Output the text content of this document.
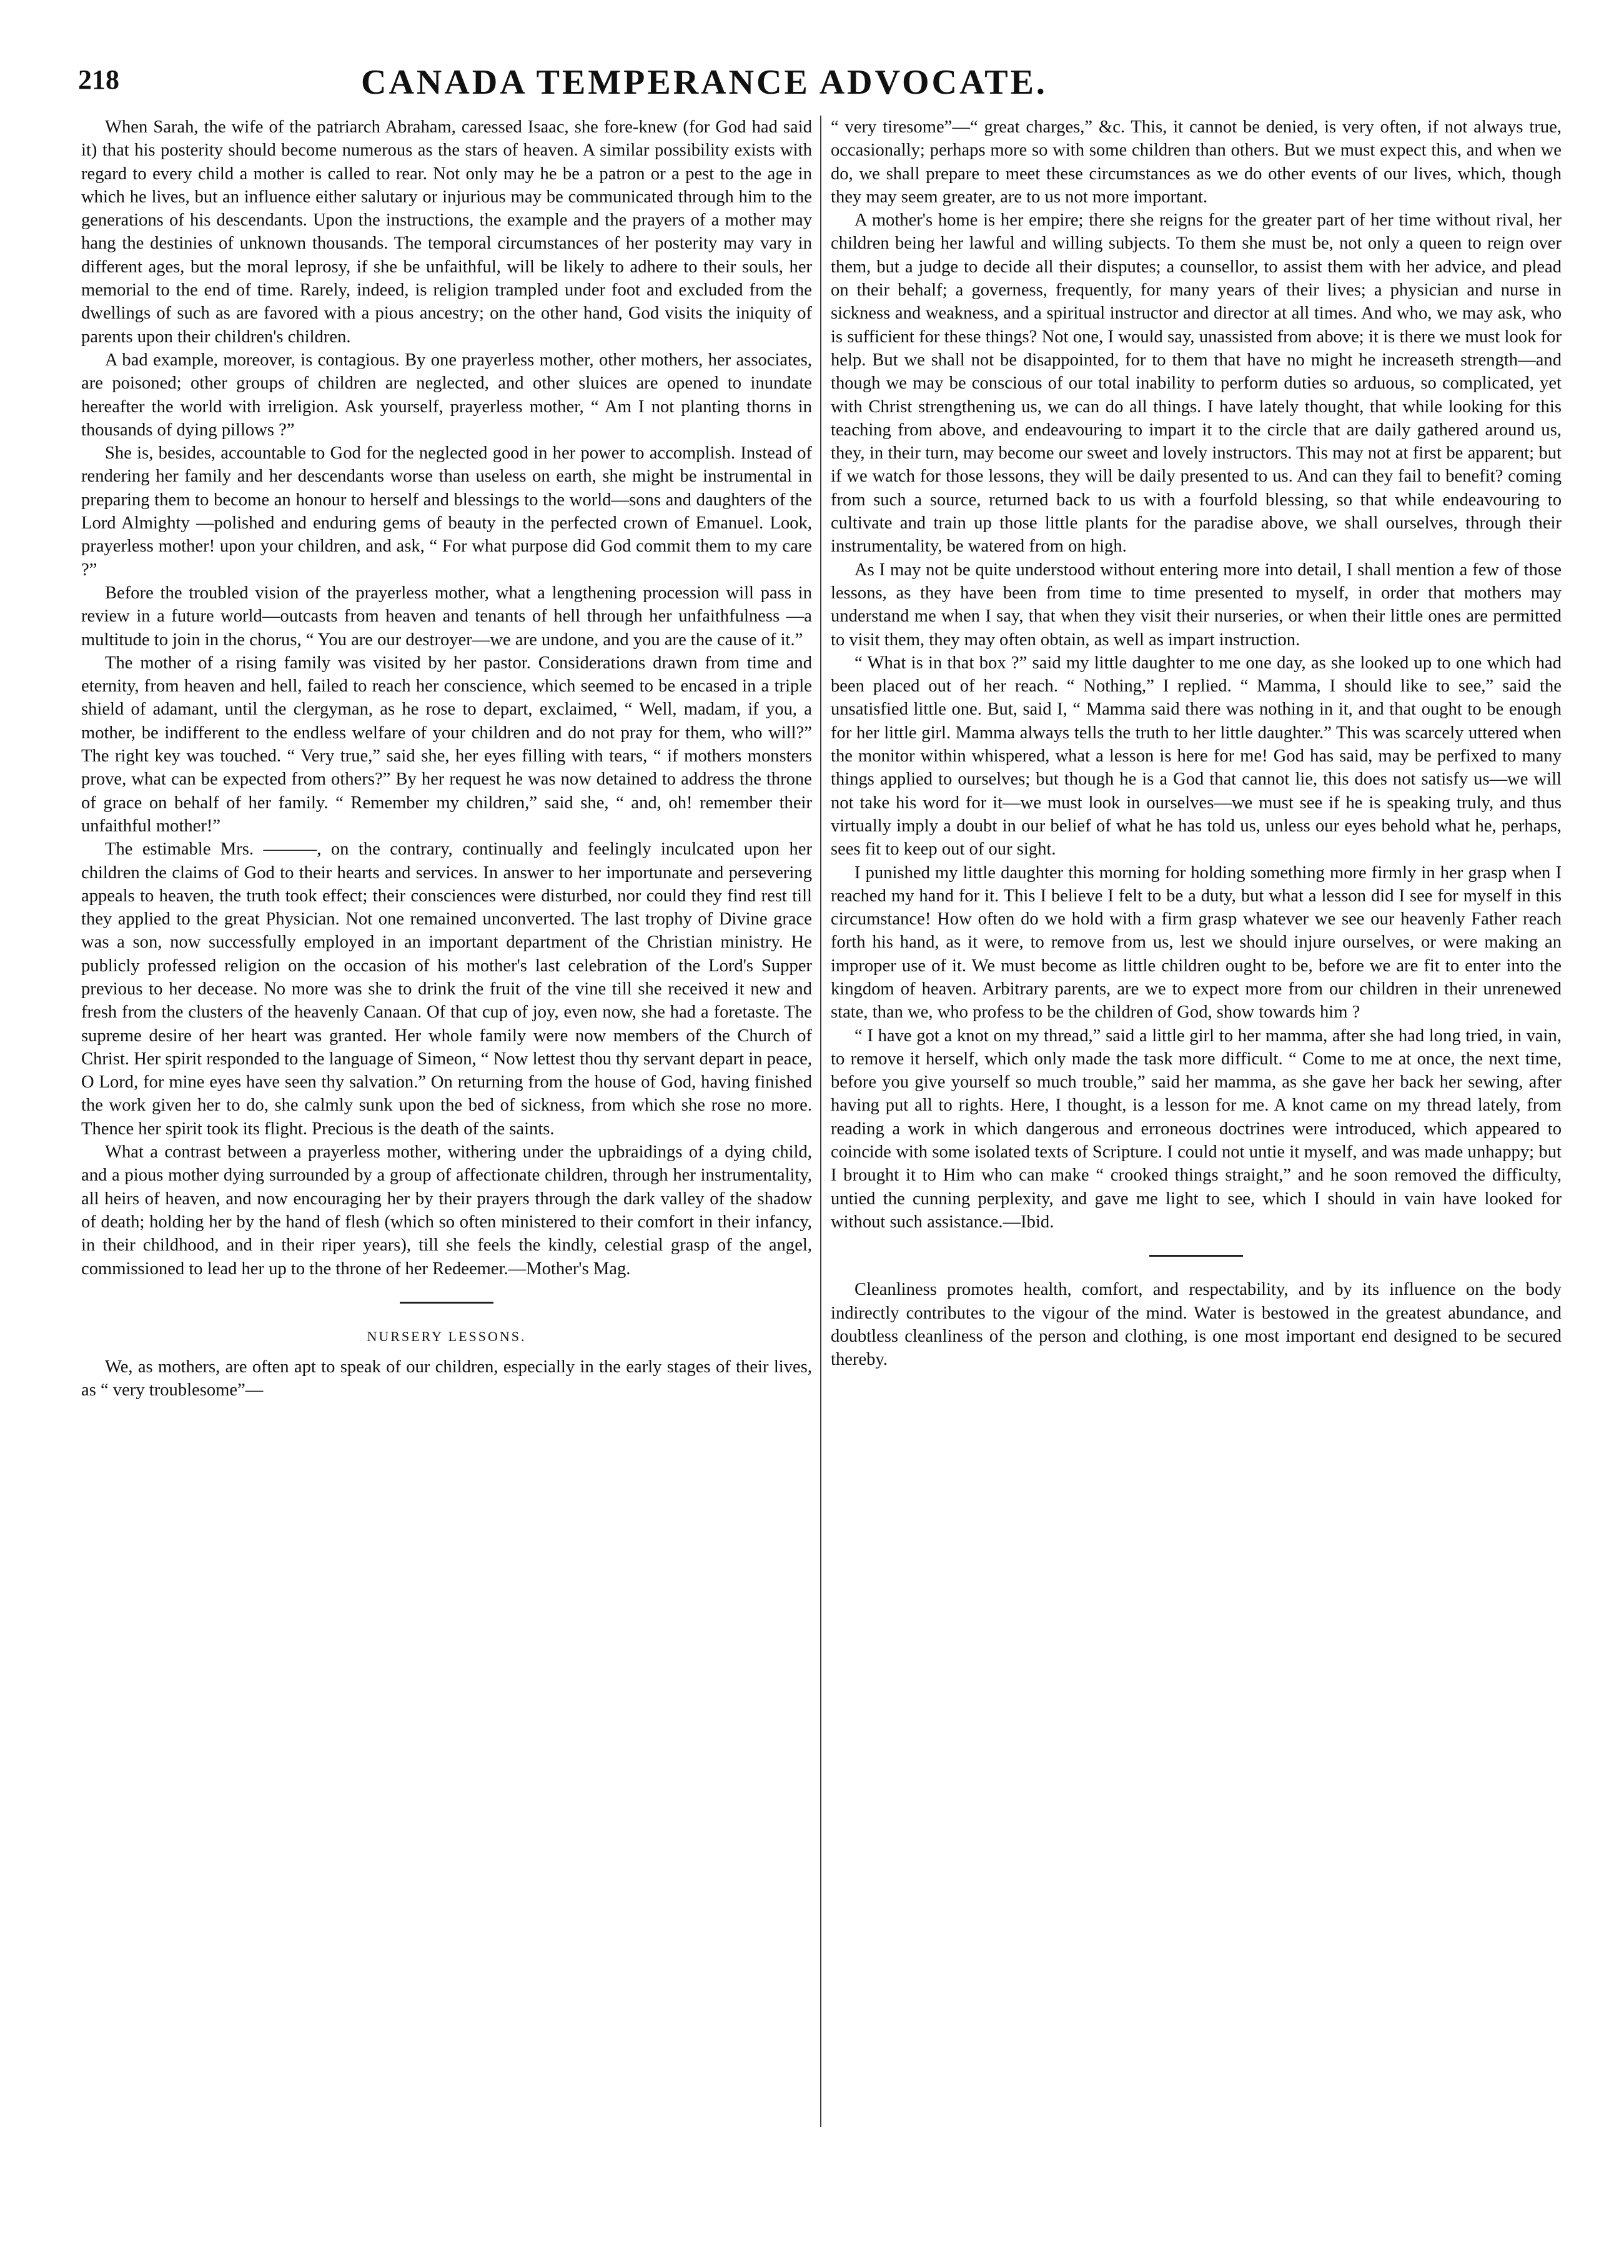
218	CANADA TEMPERANCE ADVOCATE.

When Sarah, the wife of the patriarch Abraham, caressed Isaac, she fore-knew (for God had said it) that his posterity should become numerous as the stars of heaven. A similar possibility exists with regard to every child a mother is called to rear. Not only may he be a patron or a pest to the age in which he lives, but an influence either salutary or injurious may be communicated through him to the generations of his descendants. Upon the instructions, the example and the prayers of a mother may hang the destinies of unknown thousands. The temporal circumstances of her posterity may vary in different ages, but the moral leprosy, if she be unfaithful, will be likely to adhere to their souls, her memorial to the end of time. Rarely, indeed, is religion trampled under foot and excluded from the dwellings of such as are favored with a pious ancestry; on the other hand, God visits the iniquity of parents upon their children's children.

A bad example, moreover, is contagious. By one prayerless mother, other mothers, her associates, are poisoned; other groups of children are neglected, and other sluices are opened to inundate hereafter the world with irreligion. Ask yourself, prayerless mother, “ Am I not planting thorns in thousands of dying pillows ?”

She is, besides, accountable to God for the neglected good in her power to accomplish. Instead of rendering her family and her descendants worse than useless on earth, she might be instrumental in preparing them to become an honour to herself and blessings to the world—sons and daughters of the Lord Almighty —polished and enduring gems of beauty in the perfected crown of Emanuel. Look, prayerless mother! upon your children, and ask, “ For what purpose did God commit them to my care ?”

Before the troubled vision of the prayerless mother, what a lengthening procession will pass in review in a future world—outcasts from heaven and tenants of hell through her unfaithfulness —a multitude to join in the chorus, “ You are our destroyer—we are undone, and you are the cause of it.”

The mother of a rising family was visited by her pastor. Considerations drawn from time and eternity, from heaven and hell, failed to reach her conscience, which seemed to be encased in a triple shield of adamant, until the clergyman, as he rose to depart, exclaimed, “ Well, madam, if you, a mother, be indifferent to the endless welfare of your children and do not pray for them, who will?” The right key was touched. “ Very true,” said she, her eyes filling with tears, “ if mothers monsters prove, what can be expected from others?” By her request he was now detained to address the throne of grace on behalf of her family. “ Remember my children,” said she, “ and, oh! remember their unfaithful mother!”

The estimable Mrs. ———, on the contrary, continually and feelingly inculcated upon her children the claims of God to their hearts and services. In answer to her importunate and persevering appeals to heaven, the truth took effect; their consciences were disturbed, nor could they find rest till they applied to the great Physician. Not one remained unconverted. The last trophy of Divine grace was a son, now successfully employed in an important department of the Christian ministry. He publicly professed religion on the occasion of his mother's last celebration of the Lord's Supper previous to her decease. No more was she to drink the fruit of the vine till she received it new and fresh from the clusters of the heavenly Canaan. Of that cup of joy, even now, she had a foretaste. The supreme desire of her heart was granted. Her whole family were now members of the Church of Christ. Her spirit responded to the language of Simeon, “ Now lettest thou thy servant depart in peace, O Lord, for mine eyes have seen thy salvation.” On returning from the house of God, having finished the work given her to do, she calmly sunk upon the bed of sickness, from which she rose no more. Thence her spirit took its flight. Precious is the death of the saints.

What a contrast between a prayerless mother, withering under the upbraidings of a dying child, and a pious mother dying surrounded by a group of affectionate children, through her instrumentality, all heirs of heaven, and now encouraging her by their prayers through the dark valley of the shadow of death; holding her by the hand of flesh (which so often ministered to their comfort in their infancy, in their childhood, and in their riper years), till she feels the kindly, celestial grasp of the angel, commissioned to lead her up to the throne of her Redeemer.—Mother's Mag.

NURSERY LESSONS.

We, as mothers, are often apt to speak of our children, especially in the early stages of their lives, as “ very troublesome”—

“ very tiresome”—“ great charges,” &c. This, it cannot be denied, is very often, if not always true, occasionally; perhaps more so with some children than others. But we must expect this, and when we do, we shall prepare to meet these circumstances as we do other events of our lives, which, though they may seem greater, are to us not more important.

A mother's home is her empire; there she reigns for the greater part of her time without rival, her children being her lawful and willing subjects. To them she must be, not only a queen to reign over them, but a judge to decide all their disputes; a counsellor, to assist them with her advice, and plead on their behalf; a governess, frequently, for many years of their lives; a physician and nurse in sickness and weakness, and a spiritual instructor and director at all times. And who, we may ask, who is sufficient for these things? Not one, I would say, unassisted from above; it is there we must look for help. But we shall not be disappointed, for to them that have no might he increaseth strength—and though we may be conscious of our total inability to perform duties so arduous, so complicated, yet with Christ strengthening us, we can do all things. I have lately thought, that while looking for this teaching from above, and endeavouring to impart it to the circle that are daily gathered around us, they, in their turn, may become our sweet and lovely instructors. This may not at first be apparent; but if we watch for those lessons, they will be daily presented to us. And can they fail to benefit? coming from such a source, returned back to us with a fourfold blessing, so that while endeavouring to cultivate and train up those little plants for the paradise above, we shall ourselves, through their instrumentality, be watered from on high.

As I may not be quite understood without entering more into detail, I shall mention a few of those lessons, as they have been from time to time presented to myself, in order that mothers may understand me when I say, that when they visit their nurseries, or when their little ones are permitted to visit them, they may often obtain, as well as impart instruction.

“ What is in that box ?” said my little daughter to me one day, as she looked up to one which had been placed out of her reach. “ Nothing,” I replied. “ Mamma, I should like to see,” said the unsatisfied little one. But, said I, “ Mamma said there was nothing in it, and that ought to be enough for her little girl. Mamma always tells the truth to her little daughter.” This was scarcely uttered when the monitor within whispered, what a lesson is here for me! God has said, may be perfixed to many things applied to ourselves; but though he is a God that cannot lie, this does not satisfy us—we will not take his word for it—we must look in ourselves—we must see if he is speaking truly, and thus virtually imply a doubt in our belief of what he has told us, unless our eyes behold what he, perhaps, sees fit to keep out of our sight.

I punished my little daughter this morning for holding something more firmly in her grasp when I reached my hand for it. This I believe I felt to be a duty, but what a lesson did I see for myself in this circumstance! How often do we hold with a firm grasp whatever we see our heavenly Father reach forth his hand, as it were, to remove from us, lest we should injure ourselves, or were making an improper use of it. We must become as little children ought to be, before we are fit to enter into the kingdom of heaven. Arbitrary parents, are we to expect more from our children in their unrenewed state, than we, who profess to be the children of God, show towards him ?

“ I have got a knot on my thread,” said a little girl to her mamma, after she had long tried, in vain, to remove it herself, which only made the task more difficult. “ Come to me at once, the next time, before you give yourself so much trouble,” said her mamma, as she gave her back her sewing, after having put all to rights. Here, I thought, is a lesson for me. A knot came on my thread lately, from reading a work in which dangerous and erroneous doctrines were introduced, which appeared to coincide with some isolated texts of Scripture. I could not untie it myself, and was made unhappy; but I brought it to Him who can make “ crooked things straight,” and he soon removed the difficulty, untied the cunning perplexity, and gave me light to see, which I should in vain have looked for without such assistance.—Ibid.

Cleanliness promotes health, comfort, and respectability, and by its influence on the body indirectly contributes to the vigour of the mind. Water is bestowed in the greatest abundance, and doubtless cleanliness of the person and clothing, is one most important end designed to be secured thereby.
